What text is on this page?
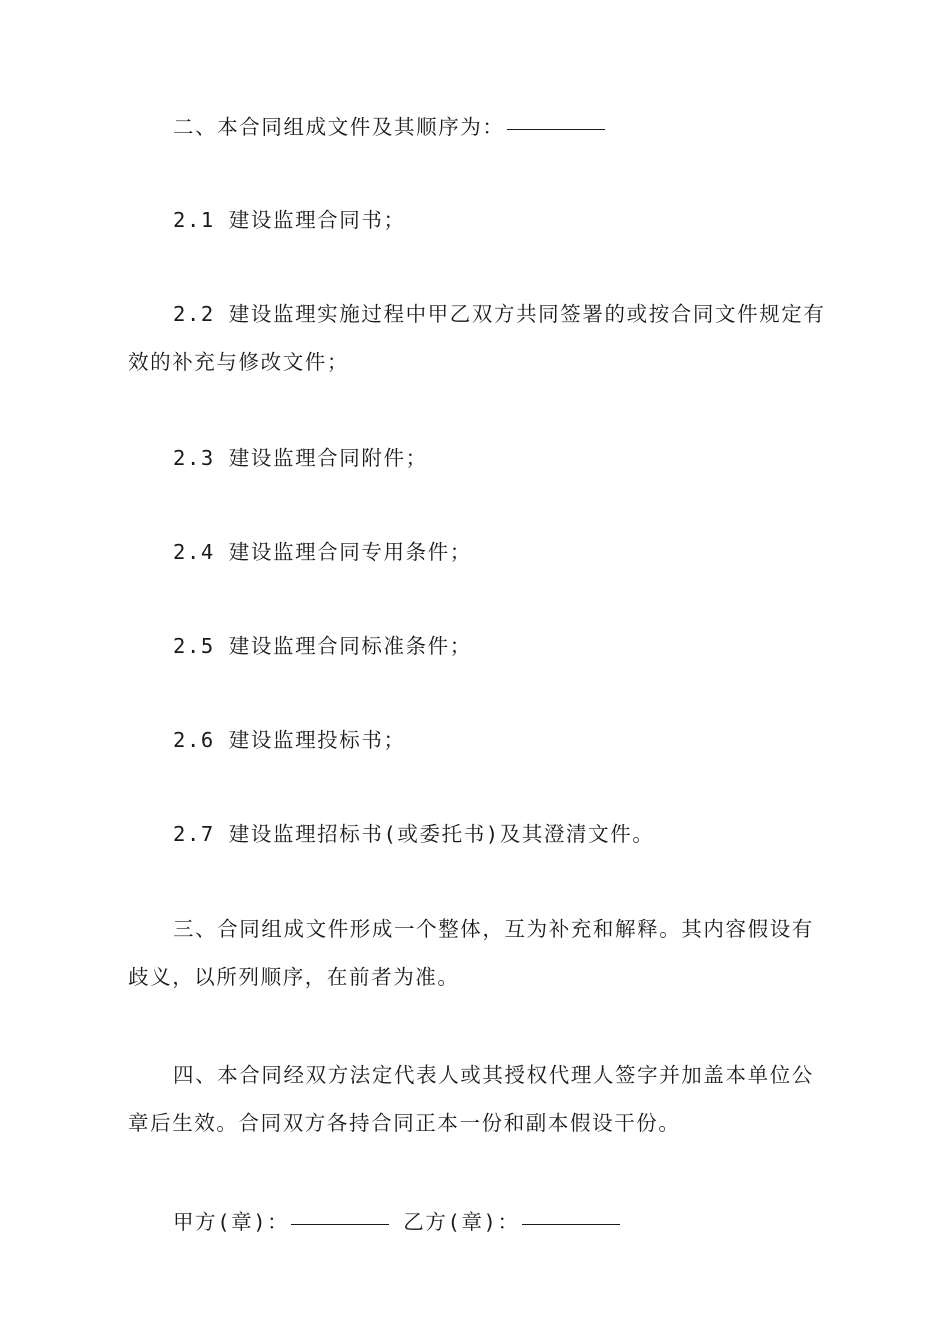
二、本合同组成文件及其顺序为：
2.1 建设监理合同书；
2.2 建设监理实施过程中甲乙双方共同签署的或按合同文件规定有效的补充与修改文件；
2.3 建设监理合同附件；
2.4 建设监理合同专用条件；
2.5 建设监理合同标准条件；
2.6 建设监理投标书；
2.7 建设监理招标书(或委托书)及其澄清文件。
三、合同组成文件形成一个整体，互为补充和解释。其内容假设有歧义，以所列顺序，在前者为准。
四、本合同经双方法定代表人或其授权代理人签字并加盖本单位公章后生效。合同双方各持合同正本一份和副本假设干份。
甲方(章)：	乙方(章)：
